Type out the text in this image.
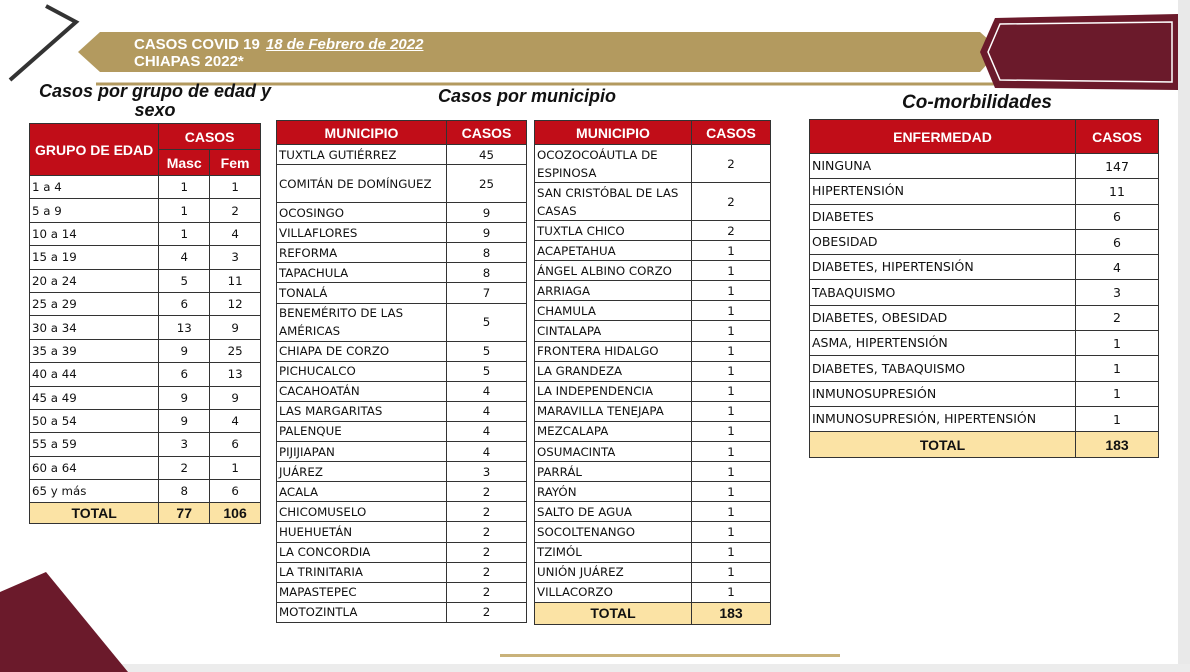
CASOS COVID 19 18 de Febrero de 2022
CHIAPAS 2022*
Casos por grupo de edad y sexo
Casos por municipio	Co-morbilidades
GRUPO DE EDAD	CASOS	
	Masc	Fem
1 a 4	1	1
5 a 9	1	2
10 a 14	1	4
15 a 19	4	3
20 a 24	5	11
25 a 29	6	12
30 a 34	13	9
35 a 39	9	25
40 a 44	6	13
45 a 49	9	9
50 a 54	9	4
55 a 59	3	6
60 a 64	2	1
65 y más	8	6
TOTAL	77	106
MUNICIPIO	CASOS
TUXTLA GUTIÉRREZ	45
COMITÁN DE DOMÍNGUEZ	25
OCOSINGO	9
VILLAFLORES	9
REFORMA	8
TAPACHULA	8
TONALÁ	7
BENEMÉRITO DE LAS AMÉRICAS	5
CHIAPA DE CORZO	5
PICHUCALCO	5
CACAHOATÁN	4
LAS MARGARITAS	4
PALENQUE	4
PIJIJIAPAN	4
JUÁREZ	3
ACALA	2
CHICOMUSELO	2
HUEHUETÁN	2
LA CONCORDIA	2
LA TRINITARIA	2
MAPASTEPEC	2
MOTOZINTLA	2
MUNICIPIO	CASOS
OCOZOCOÁUTLA DE ESPINOSA	2
SAN CRISTÓBAL DE LAS CASAS	2
TUXTLA CHICO	2
ACAPETAHUA	1
ÁNGEL ALBINO CORZO	1
ARRIAGA	1
CHAMULA	1
CINTALAPA	1
FRONTERA HIDALGO	1
LA GRANDEZA	1
LA INDEPENDENCIA	1
MARAVILLA TENEJAPA	1
MEZCALAPA	1
OSUMACINTA	1
PARRÁL	1
RAYÓN	1
SALTO DE AGUA	1
SOCOLTENANGO	1
TZIMÓL	1
UNIÓN JUÁREZ	1
VILLACORZO	1
TOTAL	183
ENFERMEDAD	CASOS
NINGUNA	147
HIPERTENSIÓN	11
DIABETES	6
OBESIDAD	6
DIABETES, HIPERTENSIÓN	4
TABAQUISMO	3
DIABETES, OBESIDAD	2
ASMA, HIPERTENSIÓN	1
DIABETES, TABAQUISMO	1
INMUNOSUPRESIÓN	1
INMUNOSUPRESIÓN, HIPERTENSIÓN	1
TOTAL	183
